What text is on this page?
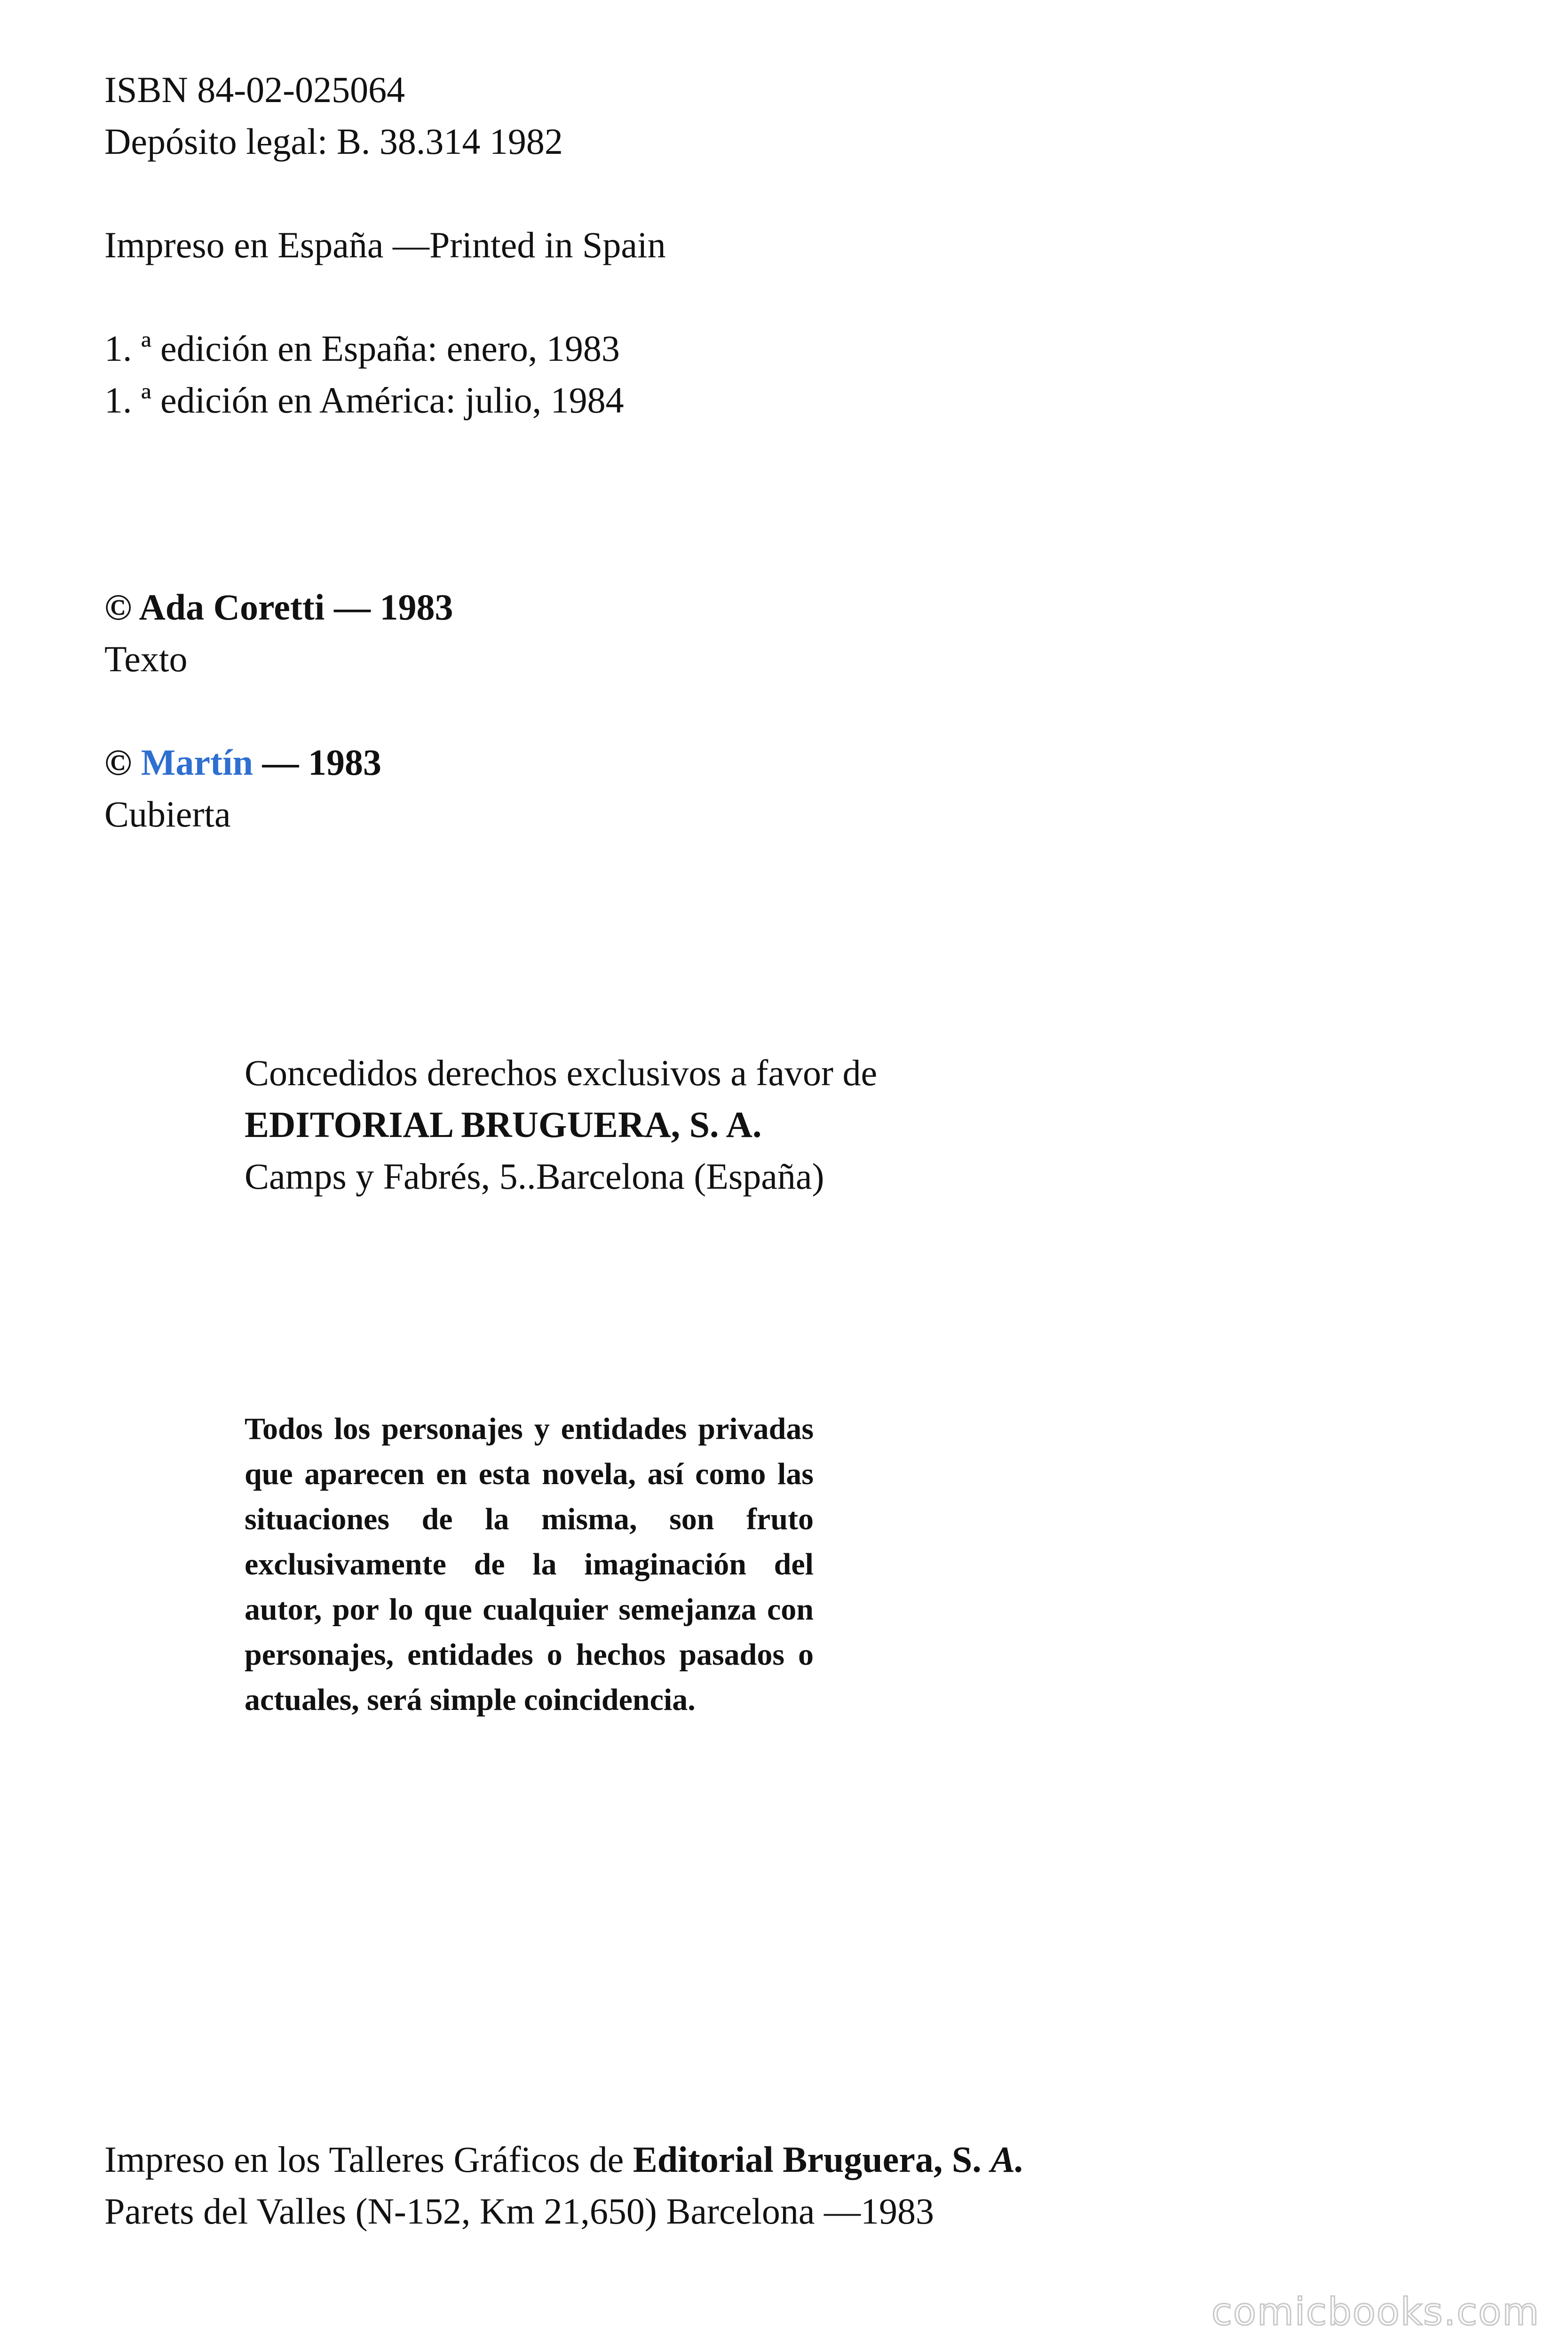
ISBN 84-02-025064
Depósito legal: B. 38.314 1982
Impreso en España —Printed in Spain
1. ª edición en España: enero, 1983
1. ª edición en América: julio, 1984
© Ada Coretti — 1983
Texto
© Martín — 1983
Cubierta
Concedidos derechos exclusivos a favor de
EDITORIAL BRUGUERA, S. A.
Camps y Fabrés, 5..Barcelona (España)
Todos los personajes y entidades privadas que aparecen en esta novela, así como las situaciones de la misma, son fruto exclusivamente de la imaginación del autor, por lo que cualquier semejanza con personajes, entidades o hechos pasados o actuales, será simple coincidencia.
Impreso en los Talleres Gráficos de Editorial Bruguera, S. A.
Parets del Valles (N-152, Km 21,650) Barcelona —1983
comicbooks.com
